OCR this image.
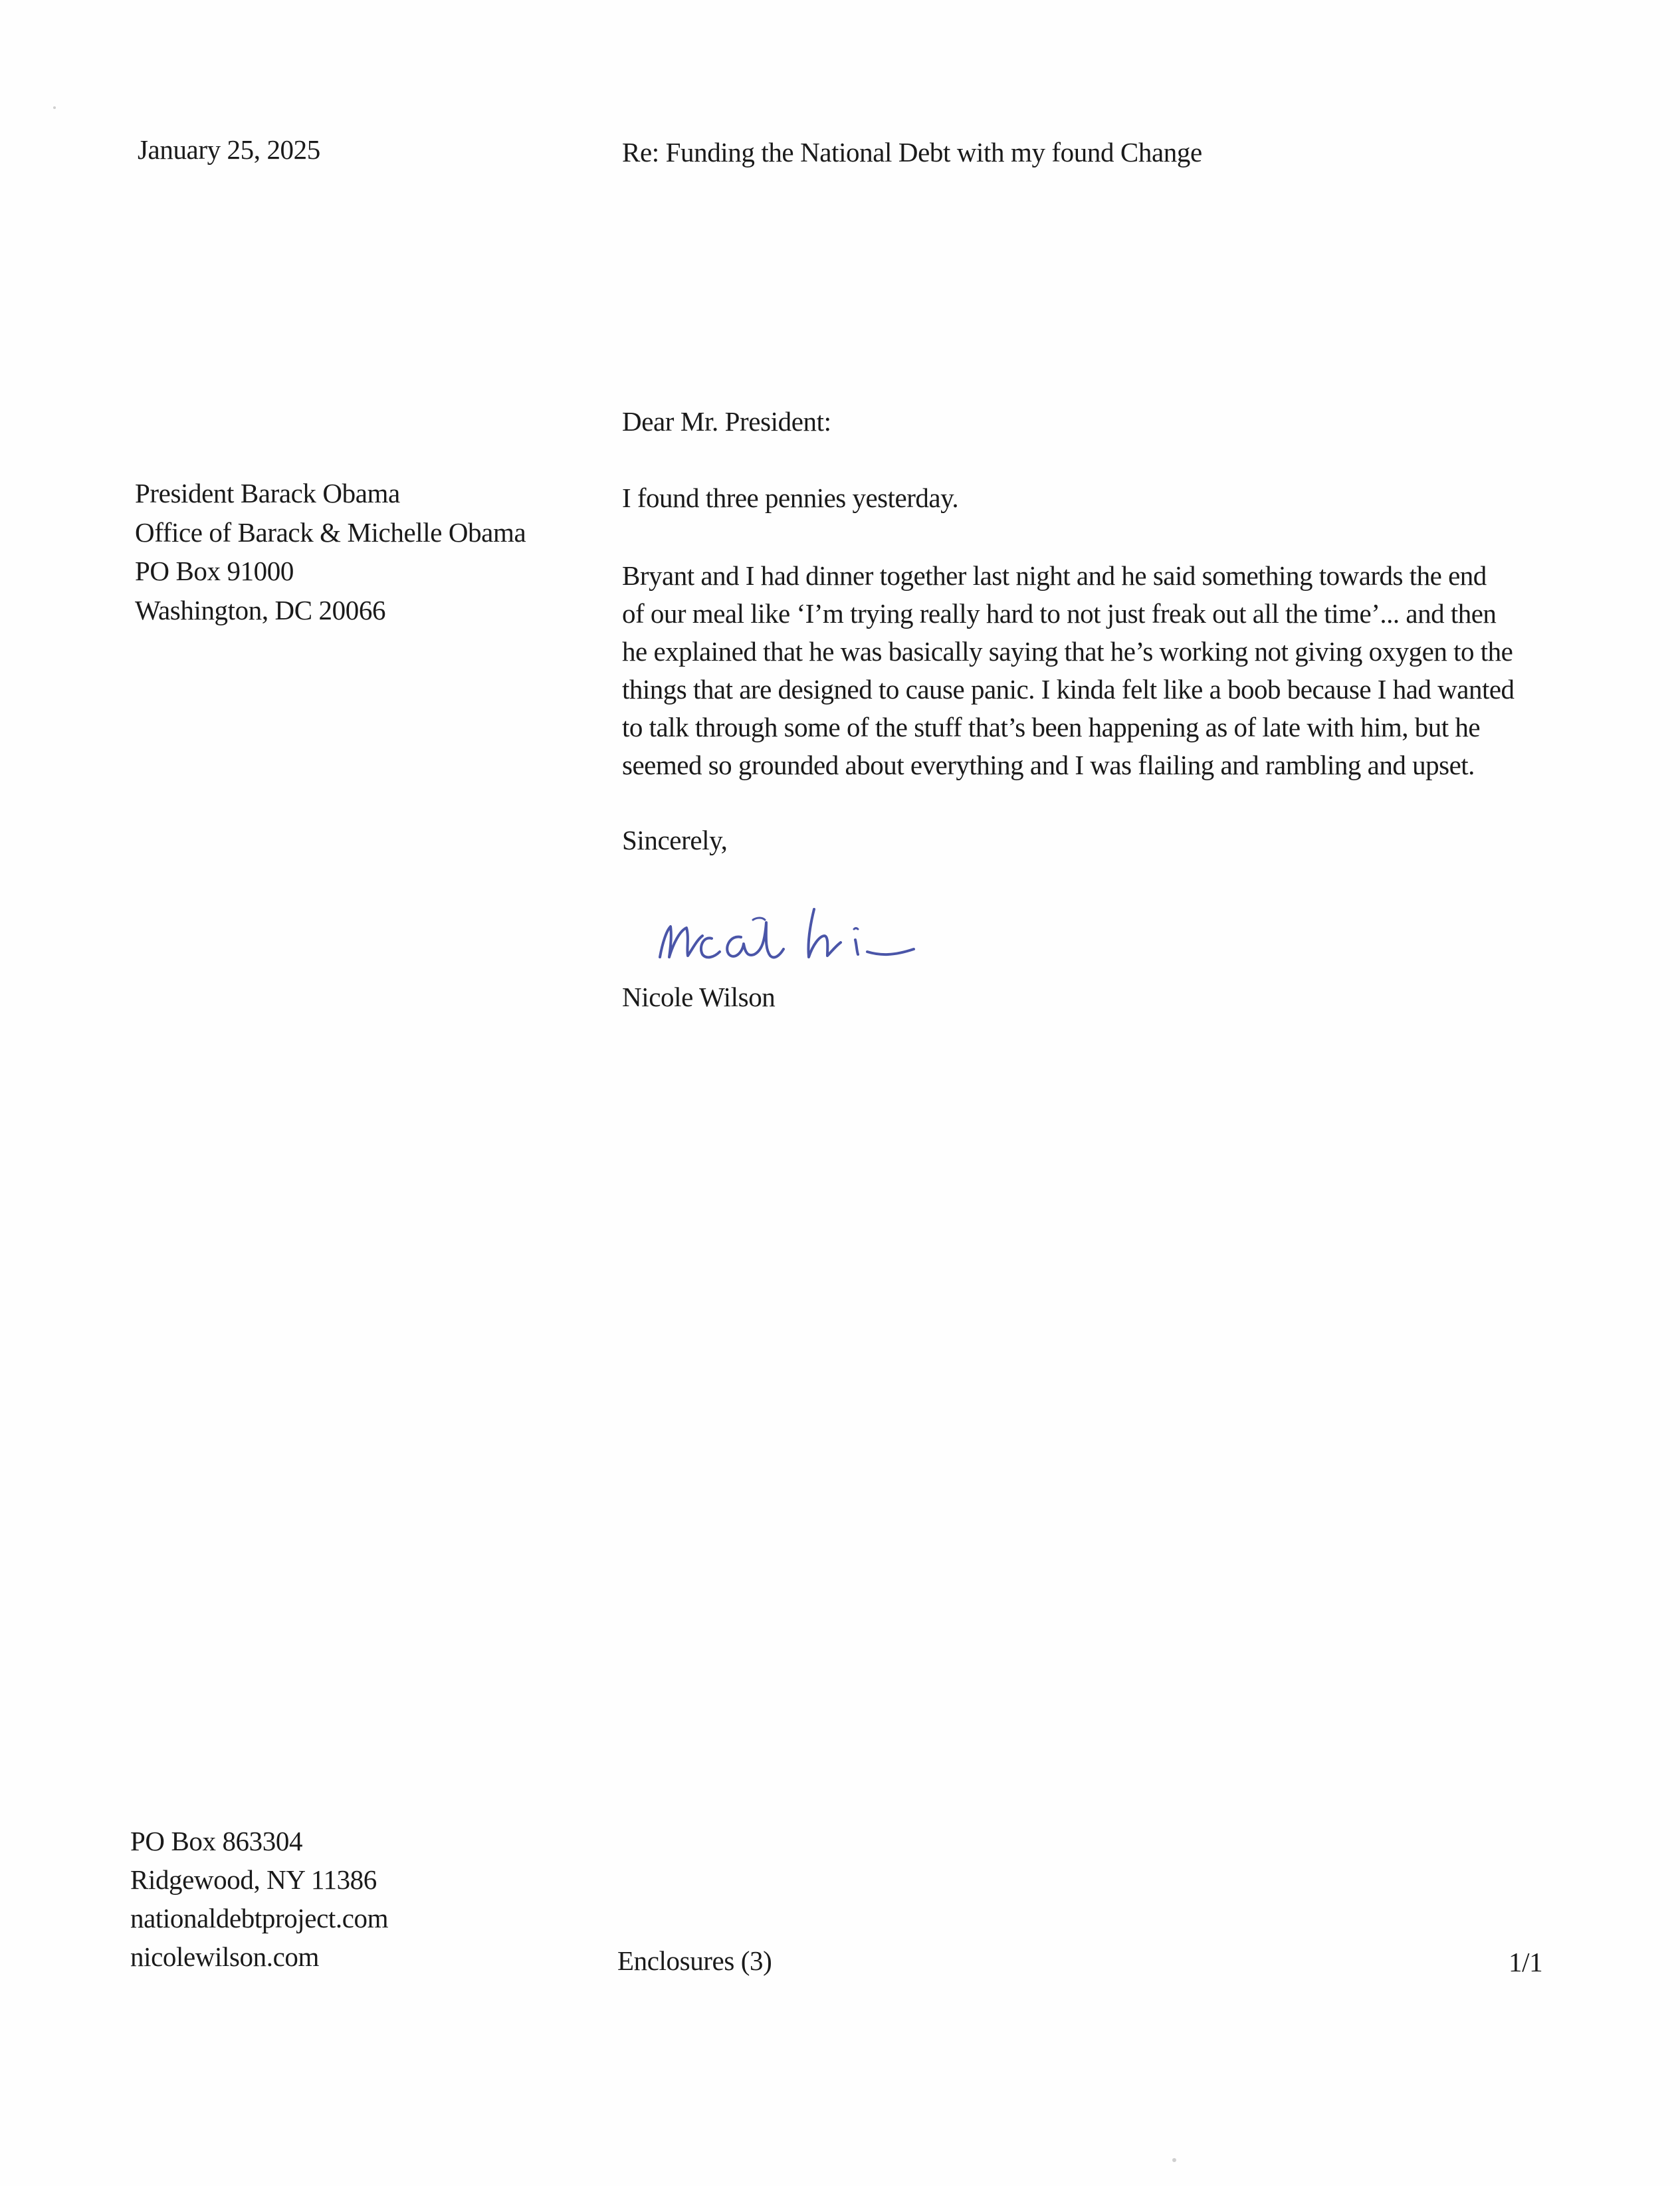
January 25, 2025	Re: Funding the National Debt with my found Change
President Barack Obama
Office of Barack & Michelle Obama
PO Box 91000
Washington, DC 20066
Dear Mr. President:
I found three pennies yesterday.
Bryant and I had dinner together last night and he said something towards the end
of our meal like ‘I’m trying really hard to not just freak out all the time’... and then
he explained that he was basically saying that he’s working not giving oxygen to the
things that are designed to cause panic. I kinda felt like a boob because I had wanted
to talk through some of the stuff that’s been happening as of late with him, but he
seemed so grounded about everything and I was flailing and rambling and upset.
Sincerely,
Nicole Wilson
PO Box 863304
Ridgewood, NY 11386
nationaldebtproject.com
nicolewilson.com	Enclosures (3)	1/1
